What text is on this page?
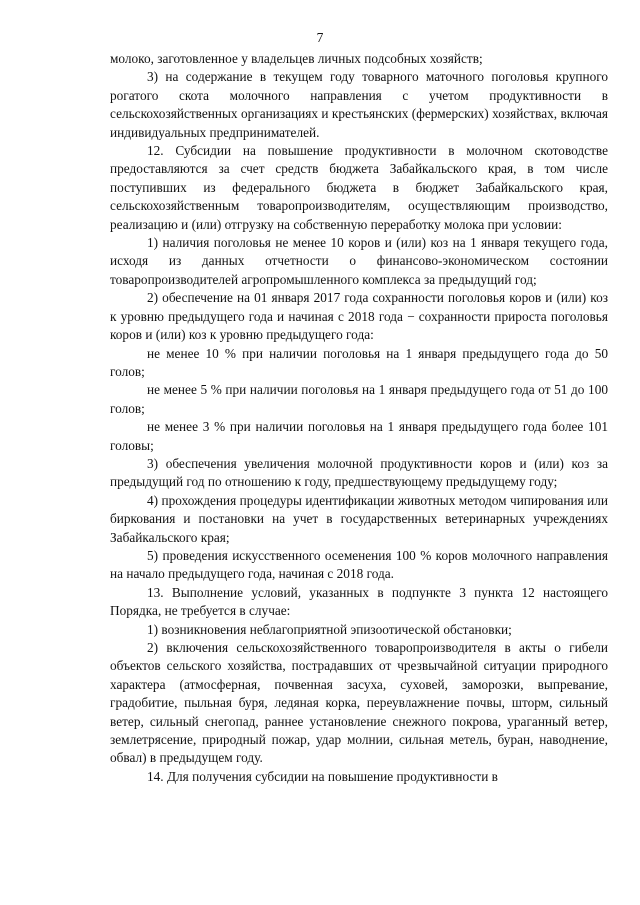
7

молоко, заготовленное у владельцев личных подсобных хозяйств;

3) на содержание в текущем году товарного маточного поголовья крупного рогатого скота молочного направления с учетом продуктивности в сельскохозяйственных организациях и крестьянских (фермерских) хозяйствах, включая индивидуальных предпринимателей.

12. Субсидии на повышение продуктивности в молочном скотоводстве предоставляются за счет средств бюджета Забайкальского края, в том числе поступивших из федерального бюджета в бюджет Забайкальского края, сельскохозяйственным товаропроизводителям, осуществляющим производство, реализацию и (или) отгрузку на собственную переработку молока при условии:

1) наличия поголовья не менее 10 коров и (или) коз на 1 января текущего года, исходя из данных отчетности о финансово-экономическом состоянии товаропроизводителей агропромышленного комплекса за предыдущий год;

2) обеспечение на 01 января 2017 года сохранности поголовья коров и (или) коз к уровню предыдущего года и начиная с 2018 года − сохранности прироста поголовья коров и (или) коз к уровню предыдущего года:

не менее 10 % при наличии поголовья на 1 января предыдущего года до 50 голов;

не менее 5 % при наличии поголовья на 1 января предыдущего года от 51 до 100 голов;

не менее 3 % при наличии поголовья на 1 января предыдущего года более 101 головы;

3) обеспечения увеличения молочной продуктивности коров и (или) коз за предыдущий год по отношению к году, предшествующему предыдущему году;

4) прохождения процедуры идентификации животных методом чипирования или биркования и постановки на учет в государственных ветеринарных учреждениях Забайкальского края;

5) проведения искусственного осеменения 100 % коров молочного направления на начало предыдущего года, начиная с 2018 года.

13. Выполнение условий, указанных в подпункте 3 пункта 12 настоящего Порядка, не требуется в случае:

1) возникновения неблагоприятной эпизоотической обстановки;

2) включения сельскохозяйственного товаропроизводителя в акты о гибели объектов сельского хозяйства, пострадавших от чрезвычайной ситуации природного характера (атмосферная, почвенная засуха, суховей, заморозки, выпревание, градобитие, пыльная буря, ледяная корка, переувлажнение почвы, шторм, сильный ветер, сильный снегопад, раннее установление снежного покрова, ураганный ветер, землетрясение, природный пожар, удар молнии, сильная метель, буран, наводнение, обвал) в предыдущем году.

14. Для получения субсидии на повышение продуктивности в
